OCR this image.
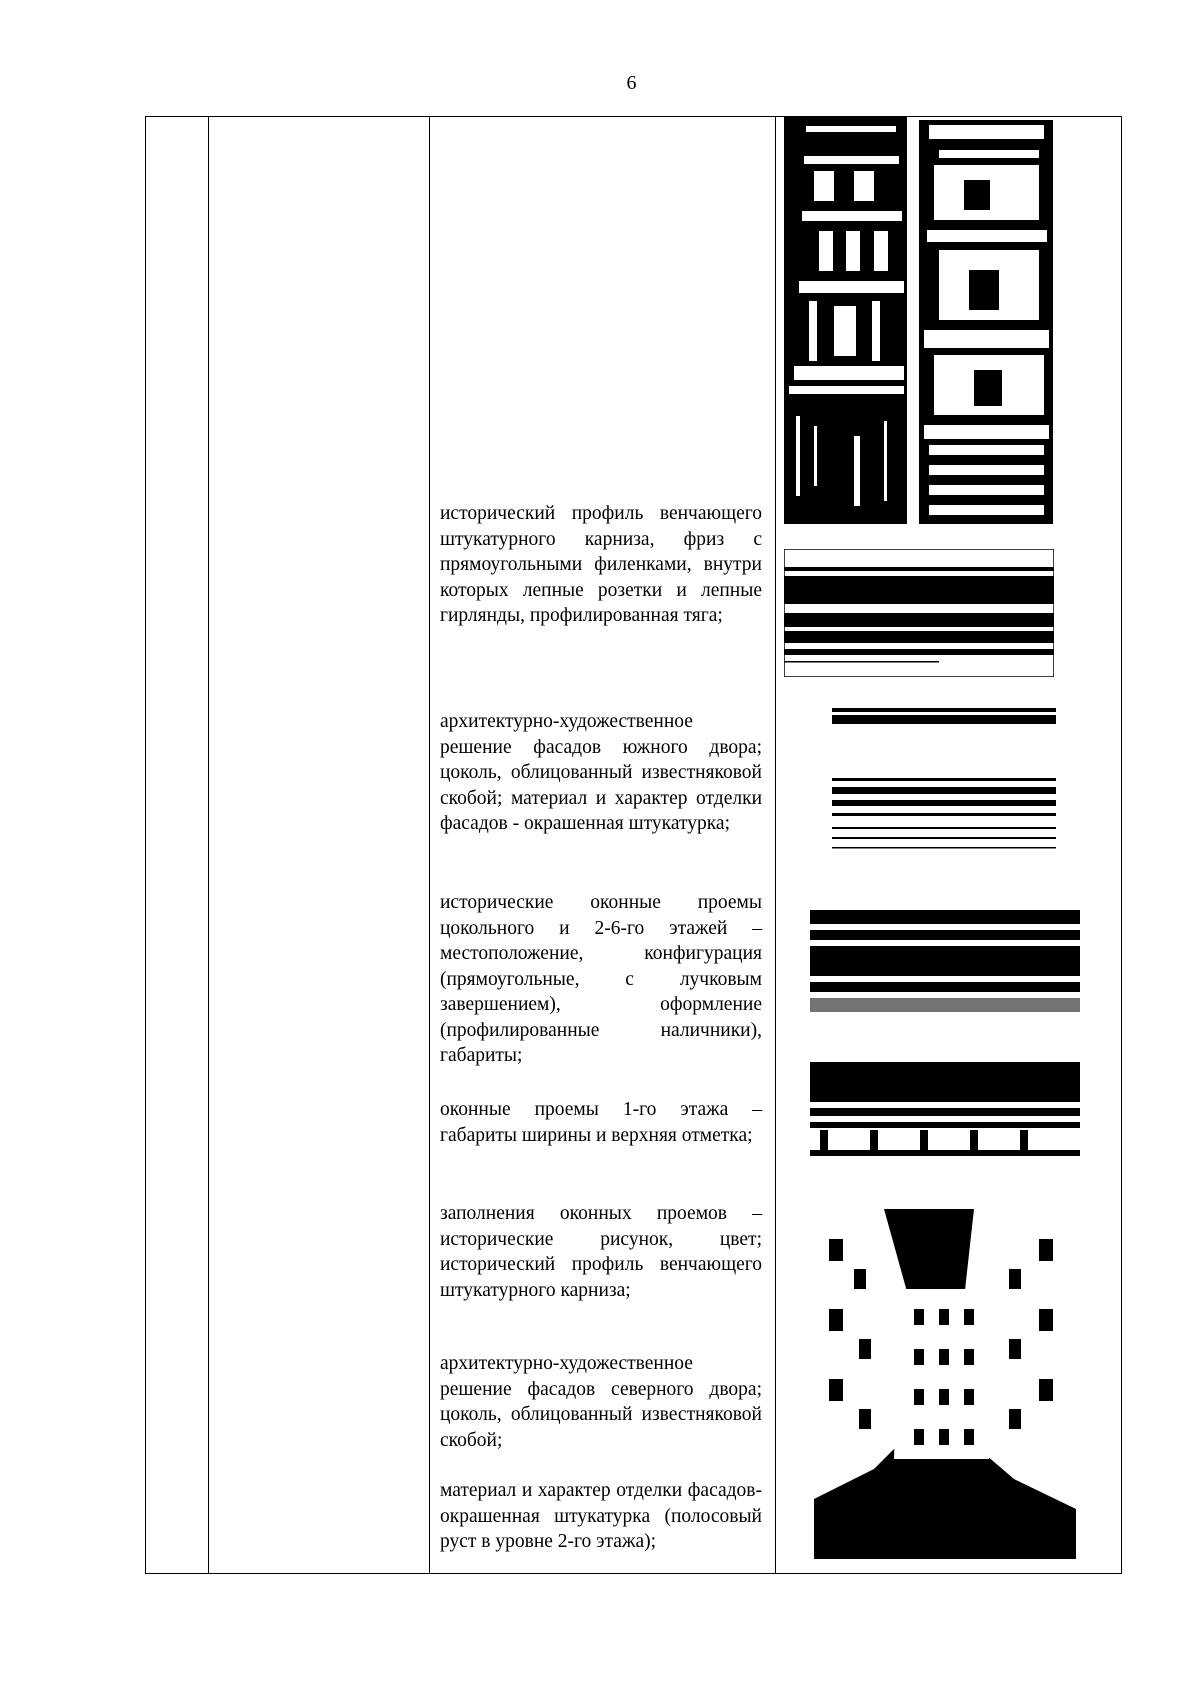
6

исторический профиль венчающего штукатурного карниза, фриз с прямоугольными филенками, внутри которых лепные розетки и лепные гирлянды, профилированная тяга;

архитектурно-художественное решение фасадов южного двора; цоколь, облицованный известняковой скобой; материал и характер отделки фасадов - окрашенная штукатурка;

исторические оконные проемы цокольного и 2-6-го этажей – местоположение, конфигурация (прямоугольные, с лучковым завершением), оформление (профилированные наличники), габариты;

оконные проемы 1-го этажа – габариты ширины и верхняя отметка;

заполнения оконных проемов – исторические рисунок, цвет; исторический профиль венчающего штукатурного карниза;

архитектурно-художественное решение фасадов северного двора; цоколь, облицованный известняковой скобой;

материал и характер отделки фасадов-окрашенная штукатурка (полосовый руст в уровне 2-го этажа);
